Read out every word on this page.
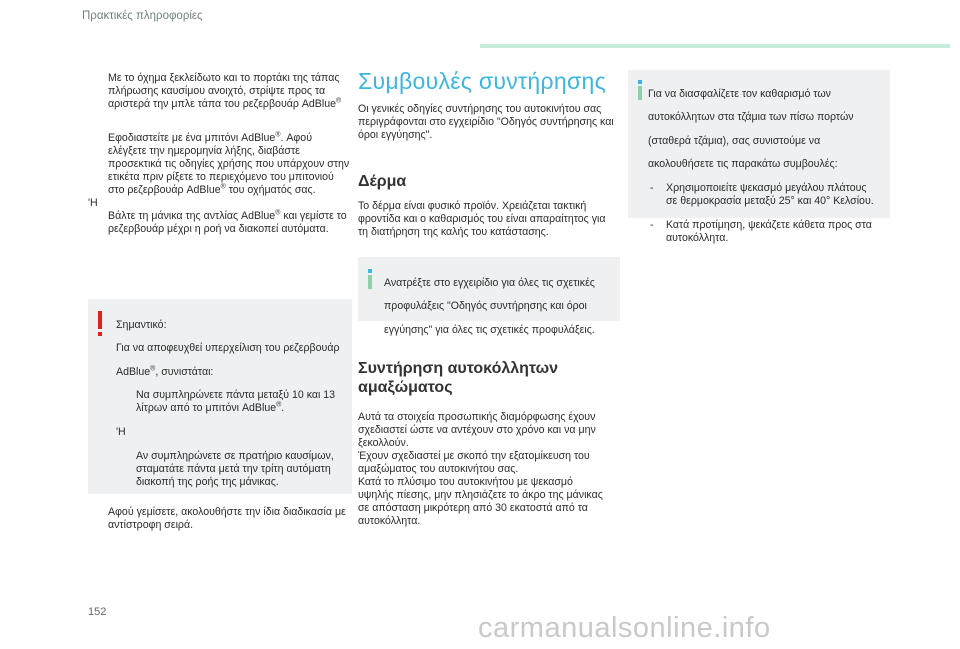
Πρακτικές πληροφορίες

Με το όχημα ξεκλείδωτο και το πορτάκι της τάπας
πλήρωσης καυσίμου ανοιχτό, στρίψτε προς τα
αριστερά την μπλε τάπα του ρεζερβουάρ AdBlue®

Εφοδιαστείτε με ένα μπιτόνι AdBlue®. Αφού
ελέγξετε την ημερομηνία λήξης, διαβάστε
προσεκτικά τις οδηγίες χρήσης που υπάρχουν στην
ετικέτα πριν ρίξετε το περιεχόμενο του μπιτονιού
στο ρεζερβουάρ AdBlue® του οχήματός σας.

'Η

Βάλτε τη μάνικα της αντλίας AdBlue® και γεμίστε το
ρεζερβουάρ μέχρι η ροή να διακοπεί αυτόματα.

Σημαντικό:

Για να αποφευχθεί υπερχείλιση του ρεζερβουάρ

AdBlue®, συνιστάται:

Να συμπληρώνετε πάντα μεταξύ 10 και 13
λίτρων από το μπιτόνι AdBlue®.

'Η

Αν συμπληρώνετε σε πρατήριο καυσίμων,
σταματάτε πάντα μετά την τρίτη αυτόματη
διακοπή της ροής της μάνικας.

Αφού γεμίσετε, ακολουθήστε την ίδια διαδικασία με
αντίστροφη σειρά.

Συμβουλές συντήρησης

Οι γενικές οδηγίες συντήρησης του αυτοκινήτου σας

περιγράφονται στο εγχειρίδιο "Οδηγός συντήρησης και

όροι εγγύησης".

Δέρμα

Το δέρμα είναι φυσικό προϊόν. Χρειάζεται τακτική

φροντίδα και ο καθαρισμός του είναι απαραίτητος για

τη διατήρηση της καλής του κατάστασης.

Ανατρέξτε στο εγχειρίδιο για όλες τις σχετικές

προφυλάξεις "Οδηγός συντήρησης και όροι

εγγύησης" για όλες τις σχετικές προφυλάξεις.

Συντήρηση αυτοκόλλητων
αμαξώματος

Αυτά τα στοιχεία προσωπικής διαμόρφωσης έχουν

σχεδιαστεί ώστε να αντέχουν στο χρόνο και να μην

ξεκολλούν.

Έχουν σχεδιαστεί με σκοπό την εξατομίκευση του

αμαξώματος του αυτοκινήτου σας.

Κατά το πλύσιμο του αυτοκινήτου με ψεκασμό

υψηλής πίεσης, μην πλησιάζετε το άκρο της μάνικας

σε απόσταση μικρότερη από 30 εκατοστά από τα

αυτοκόλλητα.

Για να διασφαλίζετε τον καθαρισμό των

αυτοκόλλητων στα τζάμια των πίσω πορτών

(σταθερά τζάμια), σας συνιστούμε να

ακολουθήσετε τις παρακάτω συμβουλές:

- Χρησιμοποιείτε ψεκασμό μεγάλου πλάτους
σε θερμοκρασία μεταξύ 25° και 40° Κελσίου.

- Κατά προτίμηση, ψεκάζετε κάθετα προς στα
αυτοκόλλητα.

152	carmanualsonline.info
